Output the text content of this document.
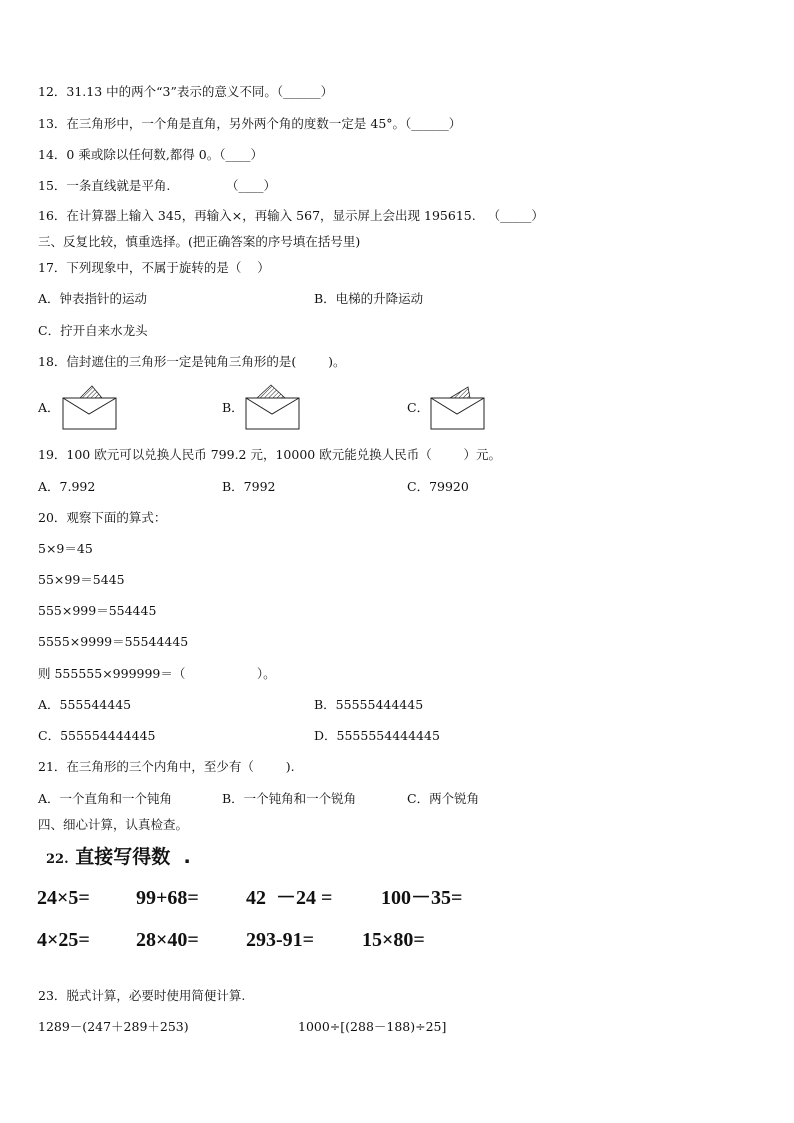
12．31.13 中的两个“3”表示的意义不同。（______）
13．在三角形中，一个角是直角，另外两个角的度数一定是 45°。（______）
14．0 乘或除以任何数,都得 0。（____）
15．一条直线就是平角.              （____）
16．在计算器上输入 345，再输入×，再输入 567，显示屏上会出现 195615.   （_____）
三、反复比较，慎重选择。(把正确答案的序号填在括号里)
17．下列现象中，不属于旋转的是（    ）
A．钟表指针的运动	B．电梯的升降运动
C．拧开自来水龙头
18．信封遮住的三角形一定是钝角三角形的是(        )。
A．	B．	C．
19．100 欧元可以兑换人民币 799.2 元，10000 欧元能兑换人民币（        ）元。
A．7.992	B．7992	C．79920
20．观察下面的算式：
5×9＝45
55×99＝5445
555×999＝554445
5555×9999＝55544445
则 555555×999999＝（                  ）。
A．555544445	B．55555444445
C．555554444445	D．5555554444445
21．在三角形的三个内角中，至少有（        ).
A．一个直角和一个钝角	B．一个钝角和一个锐角	C．两个锐角
四、细心计算，认真检查。
22. 直接写得数  .
24×5= 99+68= 42  －24 = 100－35=
4×25= 28×40= 293-91= 15×80=
23．脱式计算，必要时使用简便计算.
1289－(247＋289＋253)	1000÷[(288－188)÷25]
